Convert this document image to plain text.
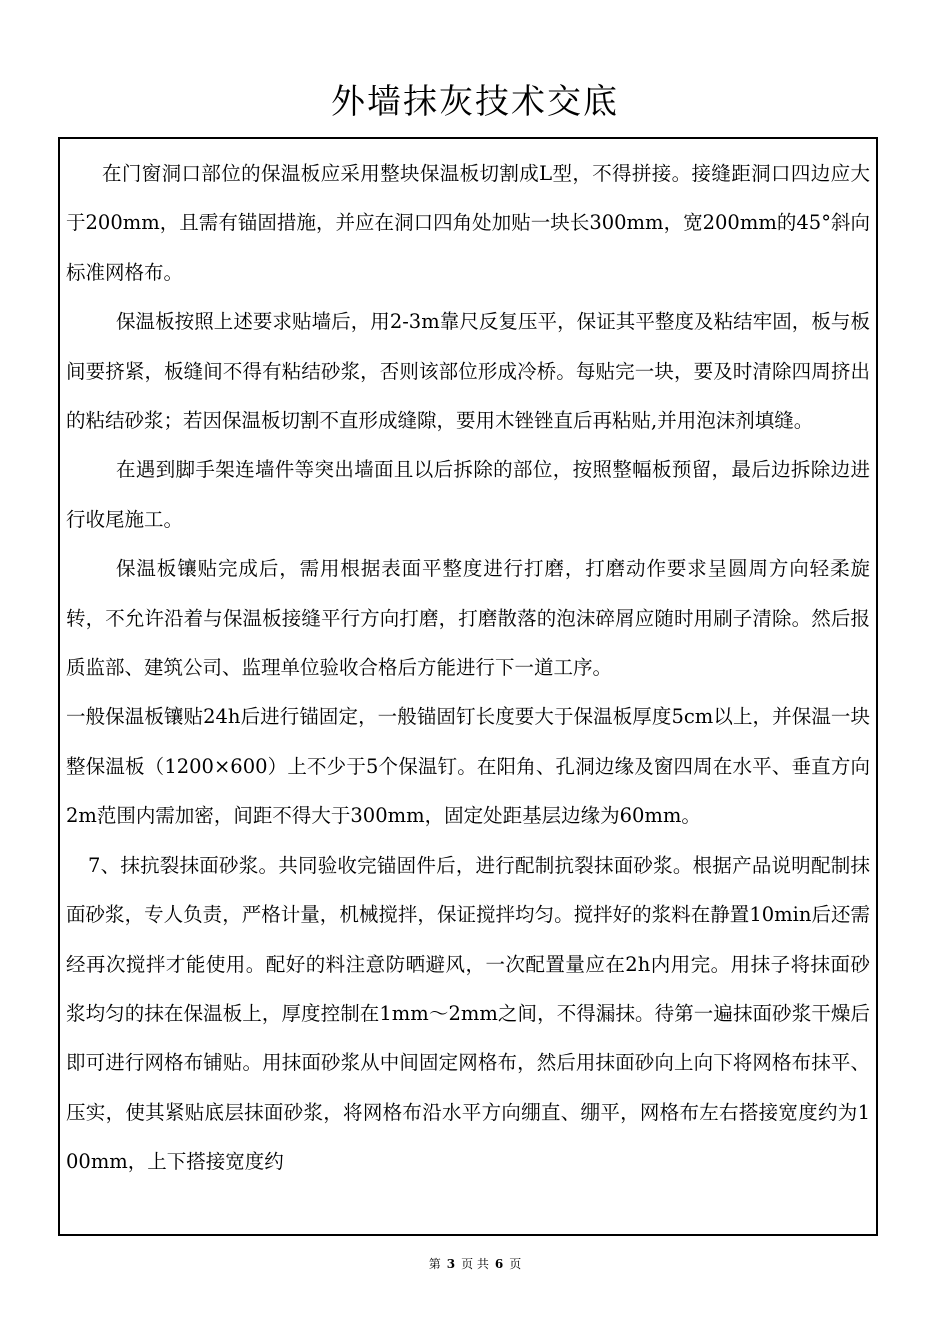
外墙抹灰技术交底

在门窗洞口部位的保温板应采用整块保温板切割成L型，不得拼接。接缝距洞口四边应大于200mm，且需有锚固措施，并应在洞口四角处加贴一块长300mm，宽200mm的45°斜向标准网格布。

保温板按照上述要求贴墙后，用2-3m靠尺反复压平，保证其平整度及粘结牢固，板与板间要挤紧，板缝间不得有粘结砂浆，否则该部位形成冷桥。每贴完一块，要及时清除四周挤出的粘结砂浆；若因保温板切割不直形成缝隙，要用木锉锉直后再粘贴,并用泡沫剂填缝。

在遇到脚手架连墙件等突出墙面且以后拆除的部位，按照整幅板预留，最后边拆除边进行收尾施工。

保温板镶贴完成后，需用根据表面平整度进行打磨，打磨动作要求呈圆周方向轻柔旋转，不允许沿着与保温板接缝平行方向打磨，打磨散落的泡沫碎屑应随时用刷子清除。然后报质监部、建筑公司、监理单位验收合格后方能进行下一道工序。

一般保温板镶贴24h后进行锚固定，一般锚固钉长度要大于保温板厚度5cm以上，并保温一块整保温板（1200×600）上不少于5个保温钉。在阳角、孔洞边缘及窗四周在水平、垂直方向2m范围内需加密，间距不得大于300mm，固定处距基层边缘为60mm。

7、抹抗裂抹面砂浆。共同验收完锚固件后，进行配制抗裂抹面砂浆。根据产品说明配制抹面砂浆，专人负责，严格计量，机械搅拌，保证搅拌均匀。搅拌好的浆料在静置10min后还需经再次搅拌才能使用。配好的料注意防晒避风，一次配置量应在2h内用完。用抹子将抹面砂浆均匀的抹在保温板上，厚度控制在1mm～2mm之间，不得漏抹。待第一遍抹面砂浆干燥后即可进行网格布铺贴。用抹面砂浆从中间固定网格布，然后用抹面砂向上向下将网格布抹平、压实，使其紧贴底层抹面砂浆，将网格布沿水平方向绷直、绷平，网格布左右搭接宽度约为100mm，上下搭接宽度约

第 3 页 共 6 页
